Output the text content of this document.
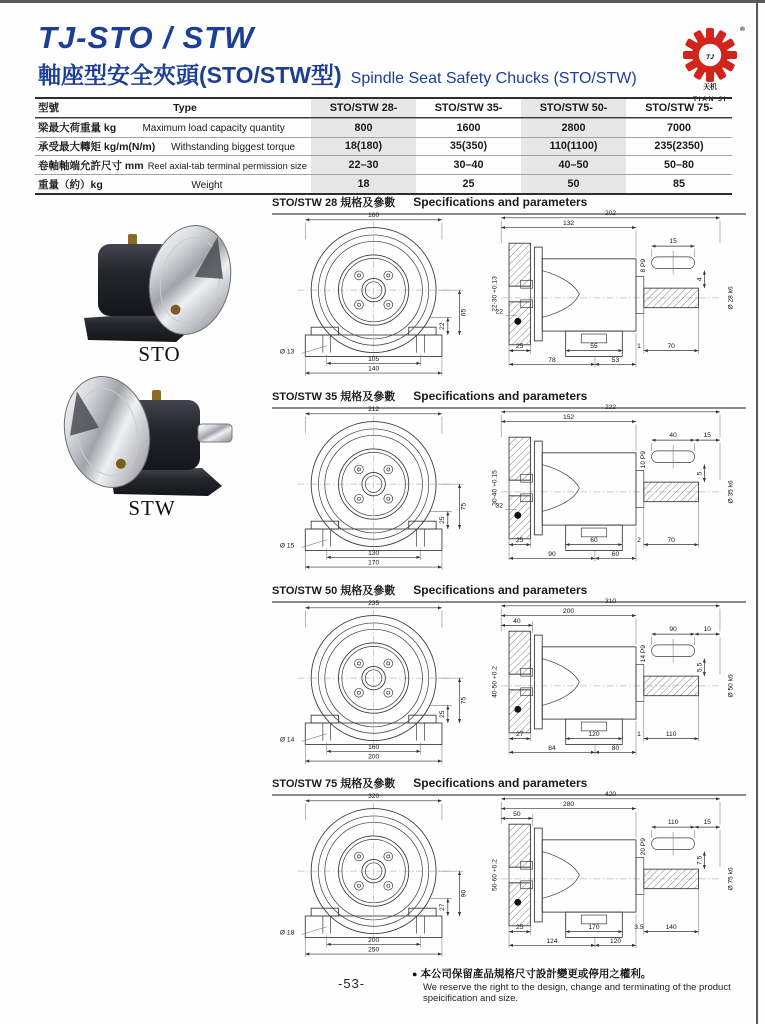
TJ-STO / STW
軸座型安全夾頭(STO/STW型) Spindle Seat Safety Chucks (STO/STW)
TJ
®
天机
TIAN JI
型號	Type	STO/STW 28-	STO/STW 35-	STO/STW 50-	STO/STW 75-
梁最大荷重量 kg	Maximum load capacity quantity	800	1600	2800	7000
承受最大轉矩 kg/m(N/m)	Withstanding biggest torque	18(180)	35(350)	110(1100)	235(2350)
卷軸軸端允許尺寸 mm Reel axial-tab terminal permission size	22–30	30–40	40–50	50–80
重量（約）kg	Weight	18	25	50	85
STO
STW
STO/STW 28 規格及參數 Specifications and parameters
160
65
22
105
140
Ø 13
15
8 P9
4
Ø 28 k6
202
132
22-30 +0.13
22
25	55	1	70
78	53
STO/STW 35 規格及參數 Specifications and parameters
212
75
25
130
170
Ø 15
40	15
10 P9
5
Ø 35 k6
222
152
30-40 +0.15
32
25	60	2	70
90	60
STO/STW 50 規格及參數 Specifications and parameters
235
75
25
160
200
Ø 14
90	10
14 P9
5.5
Ø 50 k6
310
200
40
40-50 +0.2
27	120	1	110
84	80
STO/STW 75 規格及參數 Specifications and parameters
320
90
27
200
250
Ø 18
110	15
20 P9
7.5
Ø 75 k6
420
280
50
50-60 +0.2
25	170	3.5	140
124	120
-53-
● 本公司保留產品規格尺寸設計變更或停用之權利。
We reserve the right to the design, change and terminating of the product speicification and size.
